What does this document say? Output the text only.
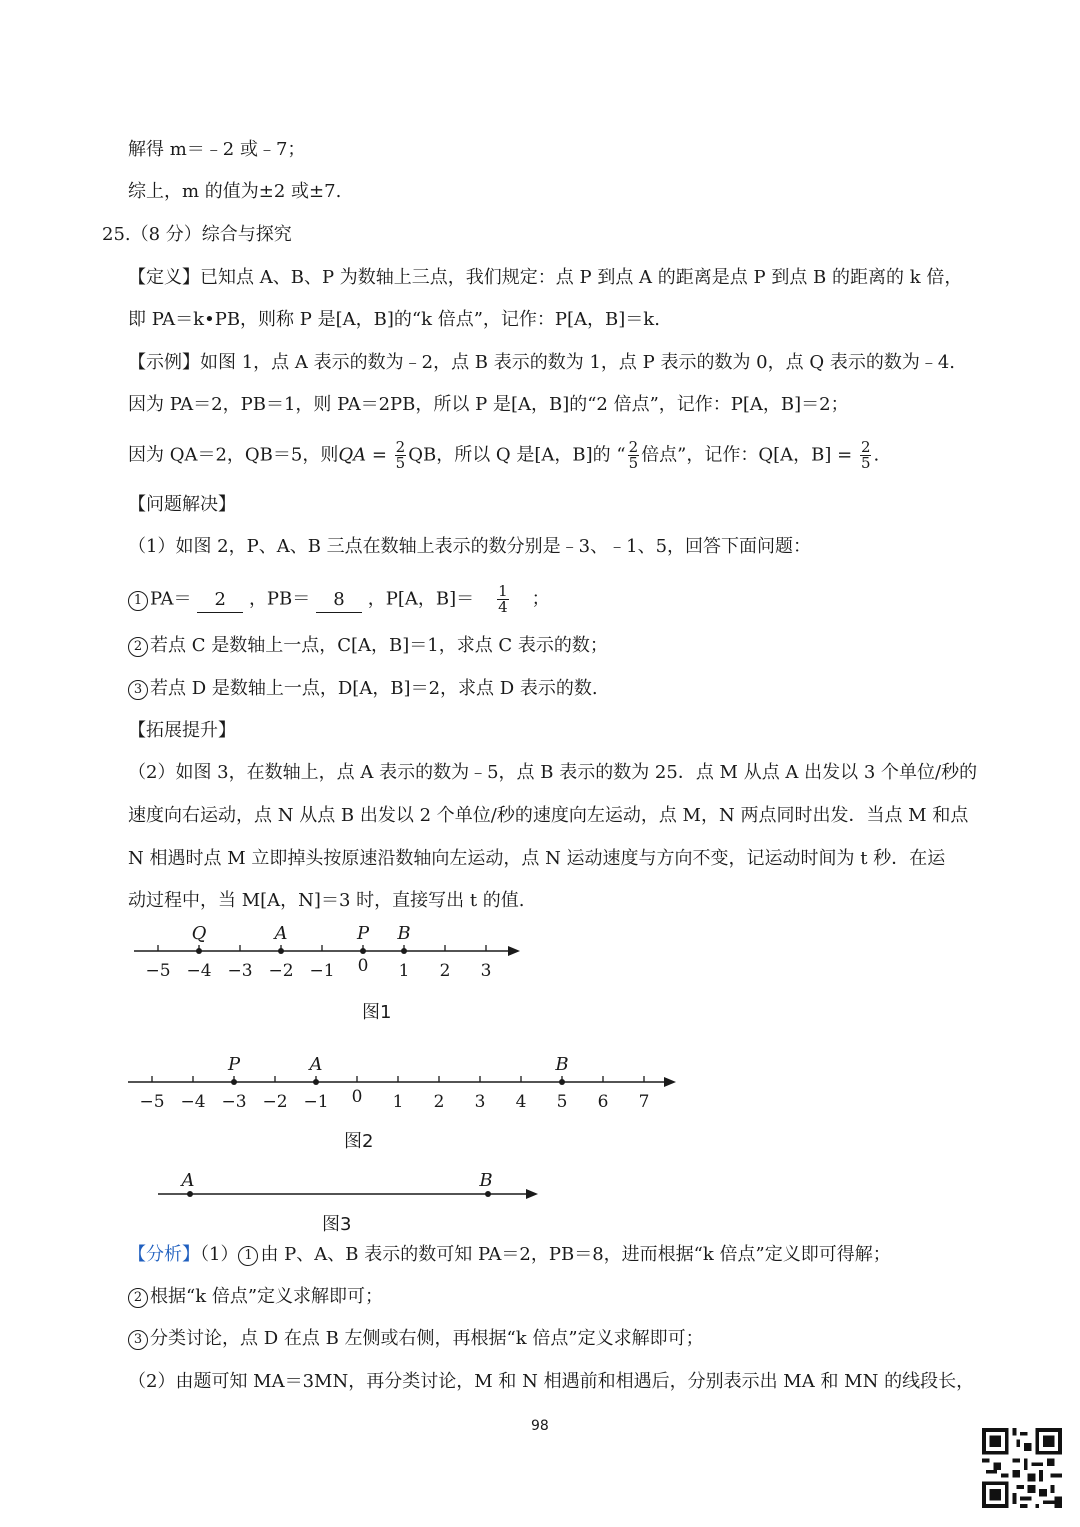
解得 m＝﹣2 或﹣7；
综上，m 的值为±2 或±7.
25.（8 分）综合与探究
【定义】已知点 A、B、P 为数轴上三点，我们规定：点 P 到点 A 的距离是点 P 到点 B 的距离的 k 倍，
即 PA＝k•PB，则称 P 是[A，B]的“k 倍点”，记作：P[A，B]＝k.
【示例】如图 1，点 A 表示的数为﹣2，点 B 表示的数为 1，点 P 表示的数为 0，点 Q 表示的数为﹣4.
因为 PA＝2，PB＝1，则 PA＝2PB，所以 P 是[A，B]的“2 倍点”，记作：P[A，B]＝2；
因为 QA＝2，QB＝5，则QA = $\frac{2}{5}$ QB，所以 Q 是[A，B]的 “ $\frac{2}{5}$ 倍点”，记作：Q[A，$B] = \frac{2}{5}$ .
【问题解决】
（1）如图 2，P、A、B 三点在数轴上表示的数分别是﹣3、﹣1、5，回答下面问题：
1 PA＝ 2 ，PB＝ 8 ，P[A，$B]= \frac{1}{4}$ ；
2 若点 C 是数轴上一点，C[A，B]＝1，求点 C 表示的数；
3 若点 D 是数轴上一点，D[A，B]＝2，求点 D 表示的数.
【拓展提升】
（2）如图 3，在数轴上，点 A 表示的数为﹣5，点 B 表示的数为 25．点 M 从点 A 出发以 3 个单位/秒的
速度向右运动，点 N 从点 B 出发以 2 个单位/秒的速度向左运动，点 M，N 两点同时出发．当点 M 和点
N 相遇时点 M 立即掉头按原速沿数轴向左运动，点 N 运动速度与方向不变，记运动时间为 t 秒．在运
动过程中，当 M[A，N]＝3 时，直接写出 t 的值.
−5 −4 −3 −2 −1 0 1 2 3
Q	A	P B
图1
−5 −4 −3 −2 −1 0 1 2 3 4 5 6 7
P	A	B
图2
A	B
图3
【分析】（1） 1 由 P、A、B 表示的数可知 PA＝2，PB＝8，进而根据“k 倍点”定义即可得解；
2 根据“k 倍点”定义求解即可；
3 分类讨论，点 D 在点 B 左侧或右侧，再根据“k 倍点”定义求解即可；
（2）由题可知 MA＝3MN，再分类讨论，M 和 N 相遇前和相遇后，分别表示出 MA 和 MN 的线段长，
98
